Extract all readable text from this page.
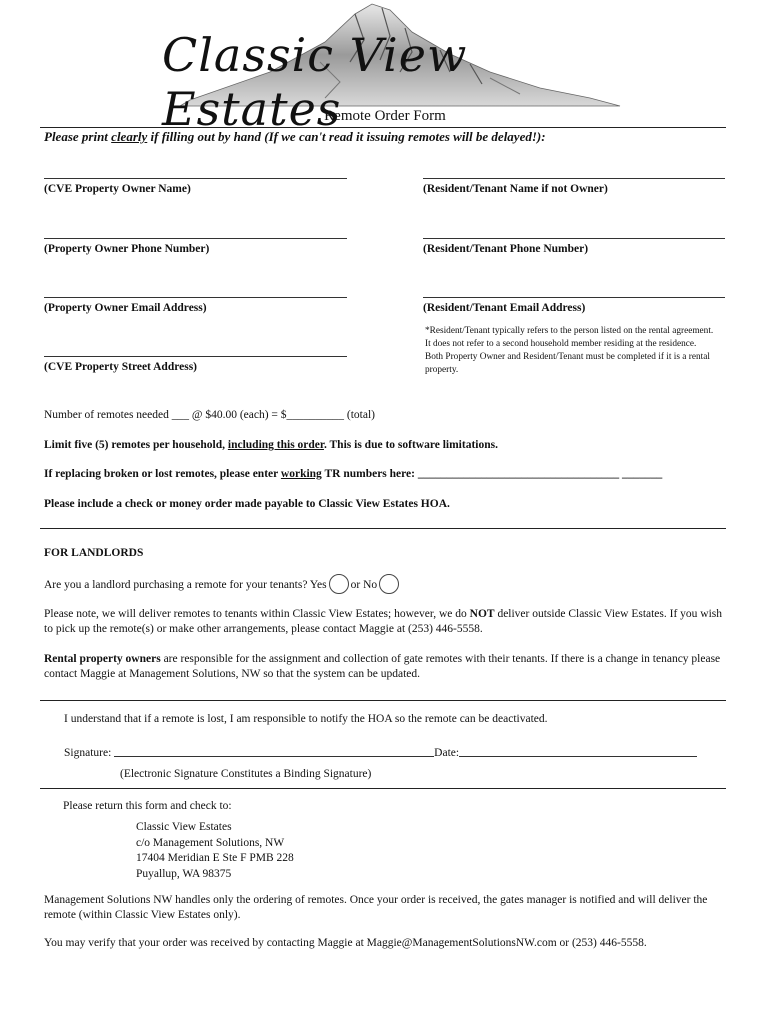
Classic View Estates
Remote Order Form
Please print clearly if filling out by hand (If we can't read it issuing remotes will be delayed!):
(CVE Property Owner Name)	(Resident/Tenant Name if not Owner)
(Property Owner Phone Number)	(Resident/Tenant Phone Number)
(Property Owner Email Address)	(Resident/Tenant Email Address)
*Resident/Tenant typically refers to the person listed on the rental agreement. It does not refer to a second household member residing at the residence. Both Property Owner and Resident/Tenant must be completed if it is a rental property.
(CVE Property Street Address)
Number of remotes needed ___ @ $40.00 (each) = $__________ (total)
Limit five (5) remotes per household, including this order. This is due to software limitations.
If replacing broken or lost remotes, please enter working TR numbers here: ___________________________________ _______
Please include a check or money order made payable to Classic View Estates HOA.
FOR LANDLORDS
Are you a landlord purchasing a remote for your tenants? Yes or No
Please note, we will deliver remotes to tenants within Classic View Estates; however, we do NOT deliver outside Classic View Estates. If you wish to pick up the remote(s) or make other arrangements, please contact Maggie at (253) 446-5558.
Rental property owners are responsible for the assignment and collection of gate remotes with their tenants. If there is a change in tenancy please contact Maggie at Management Solutions, NW so that the system can be updated.
I understand that if a remote is lost, I am responsible to notify the HOA so the remote can be deactivated.
Signature:	Date:
(Electronic Signature Constitutes a Binding Signature)
Please return this form and check to:
Classic View Estates
c/o Management Solutions, NW
17404 Meridian E Ste F PMB 228
Puyallup, WA 98375
Management Solutions NW handles only the ordering of remotes. Once your order is received, the gates manager is notified and will deliver the remote (within Classic View Estates only).
You may verify that your order was received by contacting Maggie at Maggie@ManagementSolutionsNW.com or (253) 446-5558.
